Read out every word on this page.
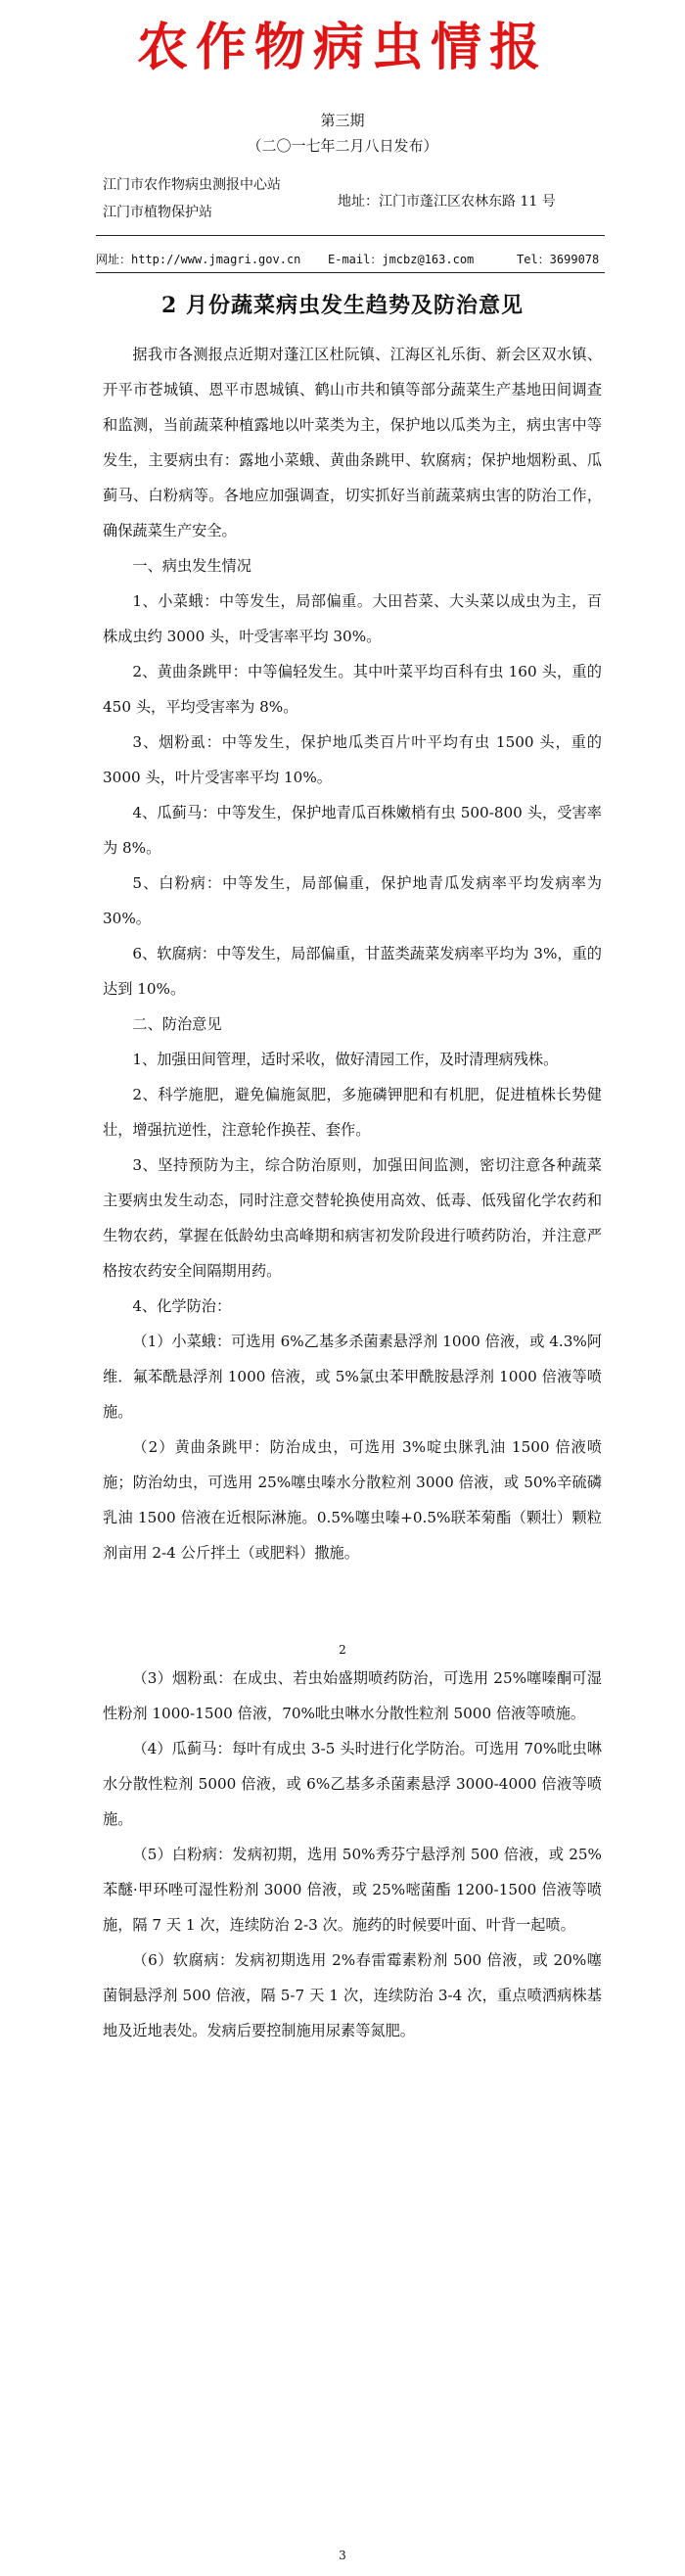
农作物病虫情报
第三期
（二〇一七年二月八日发布）
江门市农作物病虫测报中心站
江门市植物保护站
地址：江门市蓬江区农林东路 11 号
网址：http://www.jmagri.gov.cn E-mail：jmcbz@163.com	Tel：3699078
2 月份蔬菜病虫发生趋势及防治意见

据我市各测报点近期对蓬江区杜阮镇、江海区礼乐街、新会区双水镇、开平市苍城镇、恩平市恩城镇、鹤山市共和镇等部分蔬菜生产基地田间调查和监测，当前蔬菜种植露地以叶菜类为主，保护地以瓜类为主，病虫害中等发生，主要病虫有：露地小菜蛾、黄曲条跳甲、软腐病；保护地烟粉虱、瓜蓟马、白粉病等。各地应加强调查，切实抓好当前蔬菜病虫害的防治工作，确保蔬菜生产安全。

一、病虫发生情况

1、小菜蛾：中等发生，局部偏重。大田苔菜、大头菜以成虫为主，百株成虫约 3000 头，叶受害率平均 30%。

2、黄曲条跳甲：中等偏轻发生。其中叶菜平均百科有虫 160 头，重的 450 头，平均受害率为 8%。

3、烟粉虱：中等发生，保护地瓜类百片叶平均有虫 1500 头，重的 3000 头，叶片受害率平均 10%。

4、瓜蓟马：中等发生，保护地青瓜百株嫩梢有虫 500-800 头，受害率为 8%。

5、白粉病：中等发生，局部偏重，保护地青瓜发病率平均发病率为 30%。

6、软腐病：中等发生，局部偏重，甘蓝类蔬菜发病率平均为 3%，重的达到 10%。

二、防治意见

1、加强田间管理，适时采收，做好清园工作，及时清理病残株。

2、科学施肥，避免偏施氮肥，多施磷钾肥和有机肥，促进植株长势健壮，增强抗逆性，注意轮作换茬、套作。

3、坚持预防为主，综合防治原则，加强田间监测，密切注意各种蔬菜主要病虫发生动态，同时注意交替轮换使用高效、低毒、低残留化学农药和生物农药，掌握在低龄幼虫高峰期和病害初发阶段进行喷药防治，并注意严格按农药安全间隔期用药。

4、化学防治：

（1）小菜蛾：可选用 6%乙基多杀菌素悬浮剂 1000 倍液，或 4.3%阿维．氟苯酰悬浮剂 1000 倍液，或 5%氯虫苯甲酰胺悬浮剂 1000 倍液等喷施。

（2）黄曲条跳甲：防治成虫，可选用 3%啶虫脒乳油 1500 倍液喷施；防治幼虫，可选用 25%噻虫嗪水分散粒剂 3000 倍液，或 50%辛硫磷乳油 1500 倍液在近根际淋施。0.5%噻虫嗪+0.5%联苯菊酯（颗壮）颗粒剂亩用 2-4 公斤拌土（或肥料）撒施。

2

（3）烟粉虱：在成虫、若虫始盛期喷药防治，可选用 25%噻嗪酮可湿性粉剂 1000-1500 倍液，70%吡虫啉水分散性粒剂 5000 倍液等喷施。

（4）瓜蓟马：每叶有成虫 3-5 头时进行化学防治。可选用 70%吡虫啉水分散性粒剂 5000 倍液，或 6%乙基多杀菌素悬浮 3000-4000 倍液等喷施。

（5）白粉病：发病初期，选用 50%秀芬宁悬浮剂 500 倍液，或 25%苯醚·甲环唑可湿性粉剂 3000 倍液，或 25%嘧菌酯 1200-1500 倍液等喷施，隔 7 天 1 次，连续防治 2-3 次。施药的时候要叶面、叶背一起喷。

（6）软腐病：发病初期选用 2%春雷霉素粉剂 500 倍液，或 20%噻菌铜悬浮剂 500 倍液，隔 5-7 天 1 次，连续防治 3-4 次，重点喷洒病株基地及近地表处。发病后要控制施用尿素等氮肥。

3
